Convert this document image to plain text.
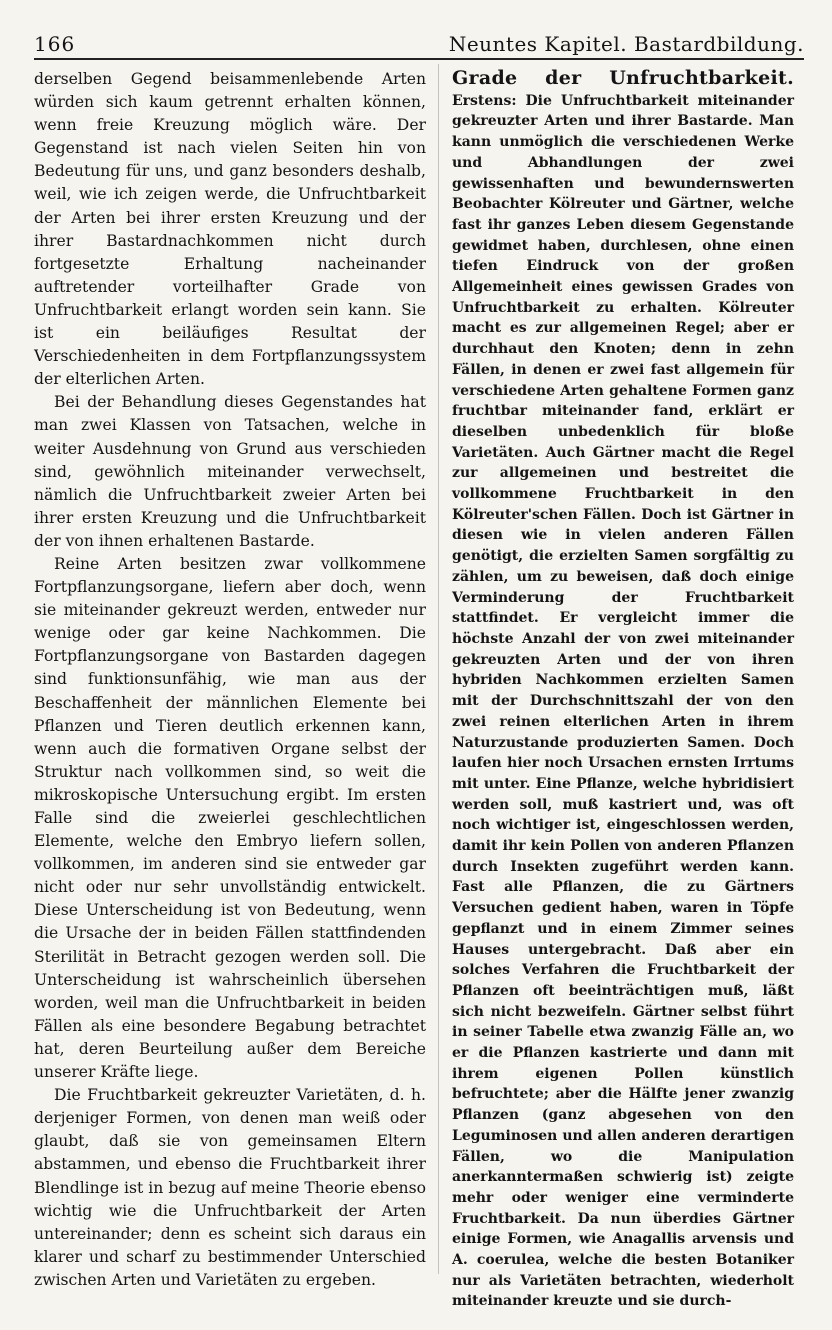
166	Neuntes Kapitel. Bastardbildung.

derselben Gegend beisammenlebende Arten würden sich kaum getrennt erhalten können, wenn freie Kreuzung möglich wäre. Der Gegenstand ist nach vielen Seiten hin von Bedeutung für uns, und ganz besonders deshalb, weil, wie ich zeigen werde, die Unfruchtbarkeit der Arten bei ihrer ersten Kreuzung und der ihrer Bastardnachkommen nicht durch fortgesetzte Erhaltung nacheinander auftretender vorteilhafter Grade von Unfruchtbarkeit erlangt worden sein kann. Sie ist ein beiläufiges Resultat der Verschiedenheiten in dem Fortpflanzungssystem der elterlichen Arten.

Bei der Behandlung dieses Gegenstandes hat man zwei Klassen von Tatsachen, welche in weiter Ausdehnung von Grund aus verschieden sind, gewöhnlich miteinander verwechselt, nämlich die Unfruchtbarkeit zweier Arten bei ihrer ersten Kreuzung und die Unfruchtbarkeit der von ihnen erhaltenen Bastarde.

Reine Arten besitzen zwar vollkommene Fortpflanzungsorgane, liefern aber doch, wenn sie miteinander gekreuzt werden, entweder nur wenige oder gar keine Nachkommen. Die Fortpflanzungsorgane von Bastarden dagegen sind funktionsunfähig, wie man aus der Beschaffenheit der männlichen Elemente bei Pflanzen und Tieren deutlich erkennen kann, wenn auch die formativen Organe selbst der Struktur nach vollkommen sind, so weit die mikroskopische Untersuchung ergibt. Im ersten Falle sind die zweierlei geschlechtlichen Elemente, welche den Embryo liefern sollen, vollkommen, im anderen sind sie entweder gar nicht oder nur sehr unvollständig entwickelt. Diese Unterscheidung ist von Bedeutung, wenn die Ursache der in beiden Fällen stattfindenden Sterilität in Betracht gezogen werden soll. Die Unterscheidung ist wahrscheinlich übersehen worden, weil man die Unfruchtbarkeit in beiden Fällen als eine besondere Begabung betrachtet hat, deren Beurteilung außer dem Bereiche unserer Kräfte liege.

Die Fruchtbarkeit gekreuzter Varietäten, d. h. derjeniger Formen, von denen man weiß oder glaubt, daß sie von gemeinsamen Eltern abstammen, und ebenso die Fruchtbarkeit ihrer Blendlinge ist in bezug auf meine Theorie ebenso wichtig wie die Unfruchtbarkeit der Arten untereinander; denn es scheint sich daraus ein klarer und scharf zu bestimmender Unterschied zwischen Arten und Varietäten zu ergeben.

Grade der Unfruchtbarkeit. Erstens: Die Unfruchtbarkeit miteinander gekreuzter Arten und ihrer Bastarde. Man kann unmöglich die verschiedenen Werke und Abhandlungen der zwei gewissenhaften und bewundernswerten Beobachter Kölreuter und Gärtner, welche fast ihr ganzes Leben diesem Gegenstande gewidmet haben, durchlesen, ohne einen tiefen Eindruck von der großen Allgemeinheit eines gewissen Grades von Unfruchtbarkeit zu erhalten. Kölreuter macht es zur allgemeinen Regel; aber er durchhaut den Knoten; denn in zehn Fällen, in denen er zwei fast allgemein für verschiedene Arten gehaltene Formen ganz fruchtbar miteinander fand, erklärt er dieselben unbedenklich für bloße Varietäten. Auch Gärtner macht die Regel zur allgemeinen und bestreitet die vollkommene Fruchtbarkeit in den Kölreuter'schen Fällen. Doch ist Gärtner in diesen wie in vielen anderen Fällen genötigt, die erzielten Samen sorgfältig zu zählen, um zu beweisen, daß doch einige Verminderung der Fruchtbarkeit stattfindet. Er vergleicht immer die höchste Anzahl der von zwei miteinander gekreuzten Arten und der von ihren hybriden Nachkommen erzielten Samen mit der Durchschnittszahl der von den zwei reinen elterlichen Arten in ihrem Naturzustande produzierten Samen. Doch laufen hier noch Ursachen ernsten Irrtums mit unter. Eine Pflanze, welche hybridisiert werden soll, muß kastriert und, was oft noch wichtiger ist, eingeschlossen werden, damit ihr kein Pollen von anderen Pflanzen durch Insekten zugeführt werden kann. Fast alle Pflanzen, die zu Gärtners Versuchen gedient haben, waren in Töpfe gepflanzt und in einem Zimmer seines Hauses untergebracht. Daß aber ein solches Verfahren die Fruchtbarkeit der Pflanzen oft beeinträchtigen muß, läßt sich nicht bezweifeln. Gärtner selbst führt in seiner Tabelle etwa zwanzig Fälle an, wo er die Pflanzen kastrierte und dann mit ihrem eigenen Pollen künstlich befruchtete; aber die Hälfte jener zwanzig Pflanzen (ganz abgesehen von den Leguminosen und allen anderen derartigen Fällen, wo die Manipulation anerkanntermaßen schwierig ist) zeigte mehr oder weniger eine verminderte Fruchtbarkeit. Da nun überdies Gärtner einige Formen, wie Anagallis arvensis und A. coerulea, welche die besten Botaniker nur als Varietäten betrachten, wiederholt miteinander kreuzte und sie durch-
